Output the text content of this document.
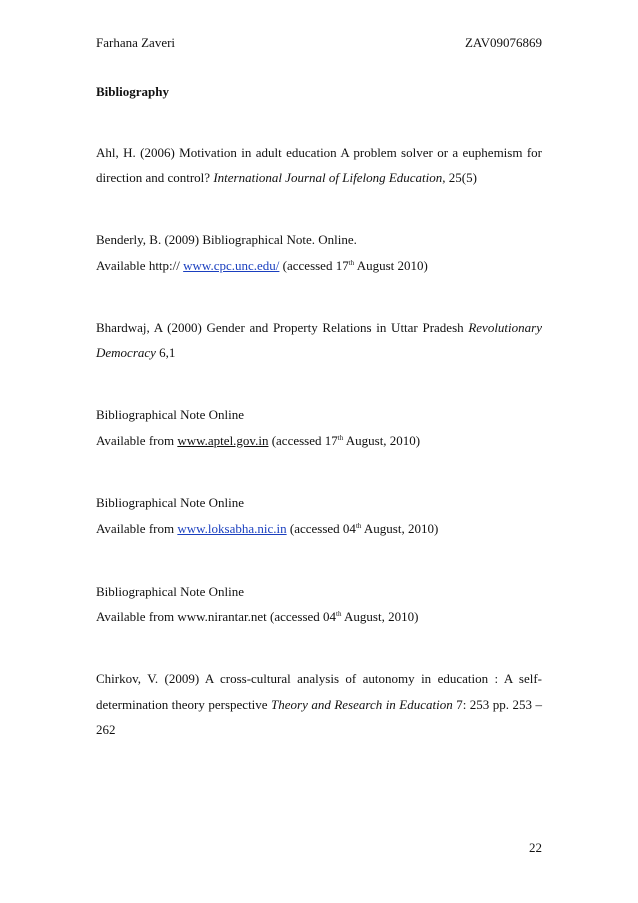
Farhana Zaveri	ZAV09076869
Bibliography
Ahl, H. (2006) Motivation in adult education A problem solver or a euphemism for
direction and control? International Journal of Lifelong Education, 25(5)
Benderly, B. (2009) Bibliographical Note. Online.
Available http:// www.cpc.unc.edu/ (accessed 17th August 2010)
Bhardwaj, A (2000) Gender and Property Relations in Uttar Pradesh Revolutionary
Democracy 6,1
Bibliographical Note Online
Available from www.aptel.gov.in (accessed 17th August, 2010)
Bibliographical Note Online
Available from www.loksabha.nic.in (accessed 04th August, 2010)
Bibliographical Note Online
Available from www.nirantar.net (accessed 04th August, 2010)
Chirkov, V. (2009) A cross-cultural analysis of autonomy in education : A self-
determination theory perspective Theory and Research in Education 7: 253 pp. 253 –
262
22
